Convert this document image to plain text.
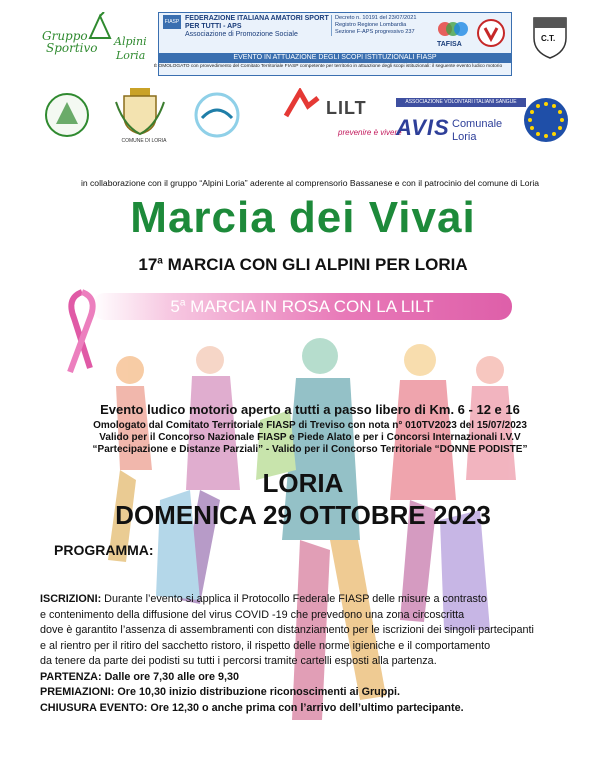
Gruppo
Sportivo Alpini
Loria
FIASP FEDERAZIONE ITALIANA AMATORI SPORT PER TUTTI - APS
Associazione di Promozione Sociale
Decreto n. 10191 del 23/07/2021
Registro Regione Lombardia
Sezione F-APS progressivo 237
TAFISA
EVENTO IN ATTUAZIONE DEGLI SCOPI ISTITUZIONALI FIASP
È OMOLOGATO con provvedimento del Comitato Territoriale FIASP competente per territorio in attuazione degli scopi istituzionali: il seguente evento ludico motorio
C.T.
COMUNE DI LORIA
LILT
prevenire è vivere
ASSOCIAZIONE VOLONTARI ITALIANI SANGUE
AVIS Comunale
Loria
in collaborazione con il gruppo “Alpini Loria” aderente al comprensorio Bassanese e con il patrocinio del comune di Loria
Marcia dei Vivai
17$^a$ MARCIA CON GLI ALPINI PER LORIA
5$^a$ MARCIA IN ROSA CON LA LILT
Evento ludico motorio aperto a tutti a passo libero di Km. 6 - 12 e 16
Omologato dal Comitato Territoriale FIASP di Treviso con nota n° 010TV2023 del 15/07/2023
Valido per il Concorso Nazionale FIASP e Piede Alato e per i Concorsi Internazionali I.V.V
“Partecipazione e Distanze Parziali” - Valido per il Concorso Territoriale “DONNE PODISTE”
LORIA
DOMENICA 29 OTTOBRE 2023
PROGRAMMA:
ISCRIZIONI: Durante l’evento si applica il Protocollo Federale FIASP delle misure a contrasto
e contenimento della diffusione del virus COVID -19 che prevedono una zona circoscritta
dove è garantito l’assenza di assembramenti con distanziamento per le iscrizioni dei singoli partecipanti
e al rientro per il ritiro del sacchetto ristoro, il rispetto delle norme igieniche e il comportamento
da tenere da parte dei podisti su tutti i percorsi tramite cartelli esposti alla partenza.
PARTENZA: Dalle ore 7,30 alle ore 9,30
PREMIAZIONI: Ore 10,30 inizio distribuzione riconoscimenti ai Gruppi.
CHIUSURA EVENTO: Ore 12,30 o anche prima con l’arrivo dell’ultimo partecipante.
